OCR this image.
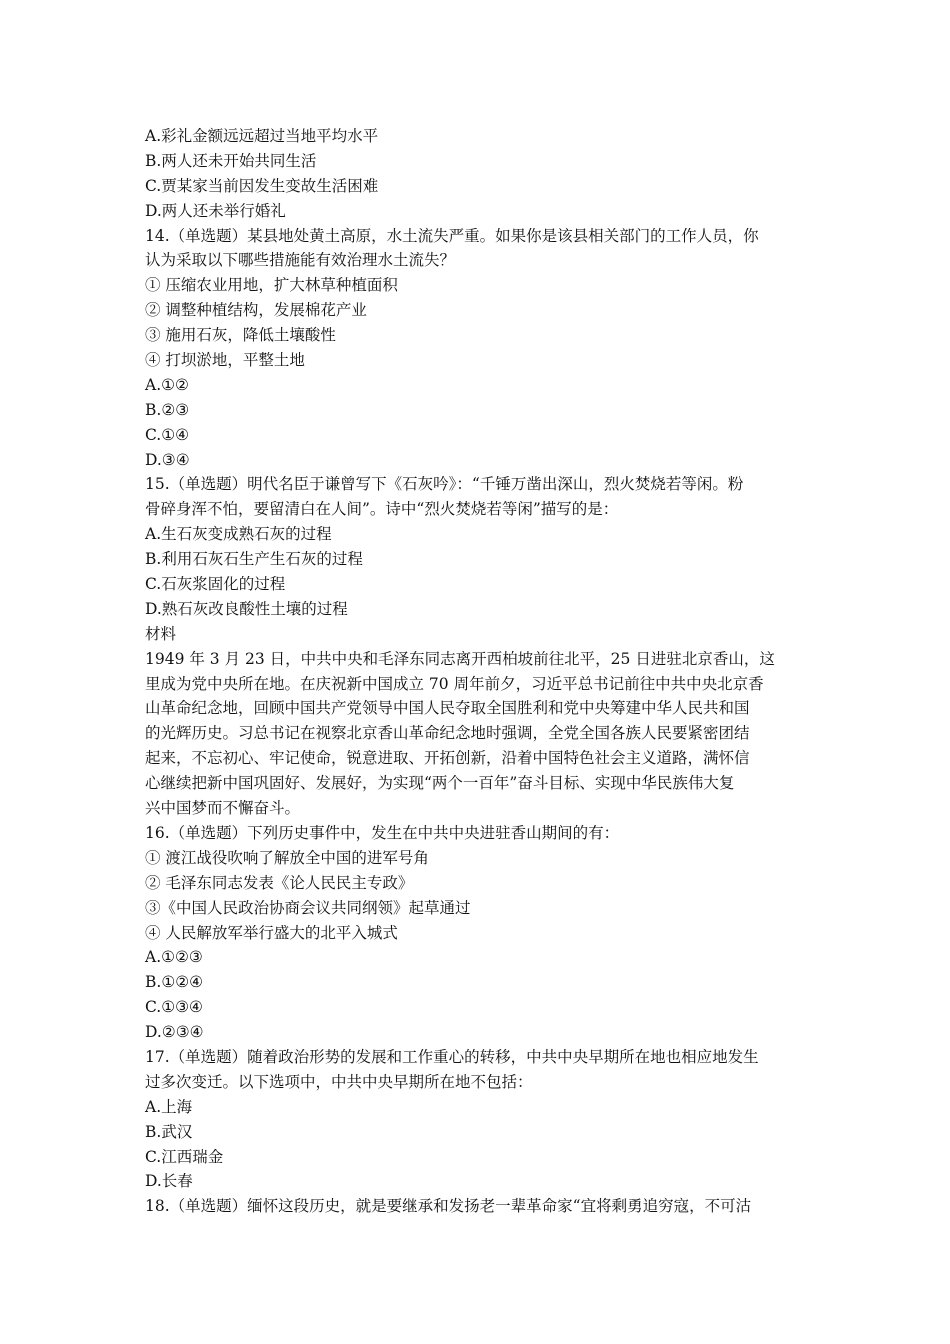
A.彩礼金额远远超过当地平均水平
B.两人还未开始共同生活
C.贾某家当前因发生变故生活困难
D.两人还未举行婚礼
14.（单选题）某县地处黄土高原，水土流失严重。如果你是该县相关部门的工作人员，你
认为采取以下哪些措施能有效治理水土流失？
① 压缩农业用地，扩大林草种植面积
② 调整种植结构，发展棉花产业
③ 施用石灰，降低土壤酸性
④ 打坝淤地，平整土地
A.①②
B.②③
C.①④
D.③④
15.（单选题）明代名臣于谦曾写下《石灰吟》：“千锤万凿出深山，烈火焚烧若等闲。粉
骨碎身浑不怕，要留清白在人间”。诗中“烈火焚烧若等闲”描写的是：
A.生石灰变成熟石灰的过程
B.利用石灰石生产生石灰的过程
C.石灰浆固化的过程
D.熟石灰改良酸性土壤的过程
材料
1949 年 3 月 23 日，中共中央和毛泽东同志离开西柏坡前往北平，25 日进驻北京香山，这
里成为党中央所在地。在庆祝新中国成立 70 周年前夕，习近平总书记前往中共中央北京香
山革命纪念地，回顾中国共产党领导中国人民夺取全国胜利和党中央筹建中华人民共和国
的光辉历史。习总书记在视察北京香山革命纪念地时强调，全党全国各族人民要紧密团结
起来，不忘初心、牢记使命，锐意进取、开拓创新，沿着中国特色社会主义道路，满怀信
心继续把新中国巩固好、发展好，为实现“两个一百年”奋斗目标、实现中华民族伟大复
兴中国梦而不懈奋斗。
16.（单选题）下列历史事件中，发生在中共中央进驻香山期间的有：
① 渡江战役吹响了解放全中国的进军号角
② 毛泽东同志发表《论人民民主专政》
③《中国人民政治协商会议共同纲领》起草通过
④ 人民解放军举行盛大的北平入城式
A.①②③
B.①②④
C.①③④
D.②③④
17.（单选题）随着政治形势的发展和工作重心的转移，中共中央早期所在地也相应地发生
过多次变迁。以下选项中，中共中央早期所在地不包括：
A.上海
B.武汉
C.江西瑞金
D.长春
18.（单选题）缅怀这段历史，就是要继承和发扬老一辈革命家“宜将剩勇追穷寇，不可沽
